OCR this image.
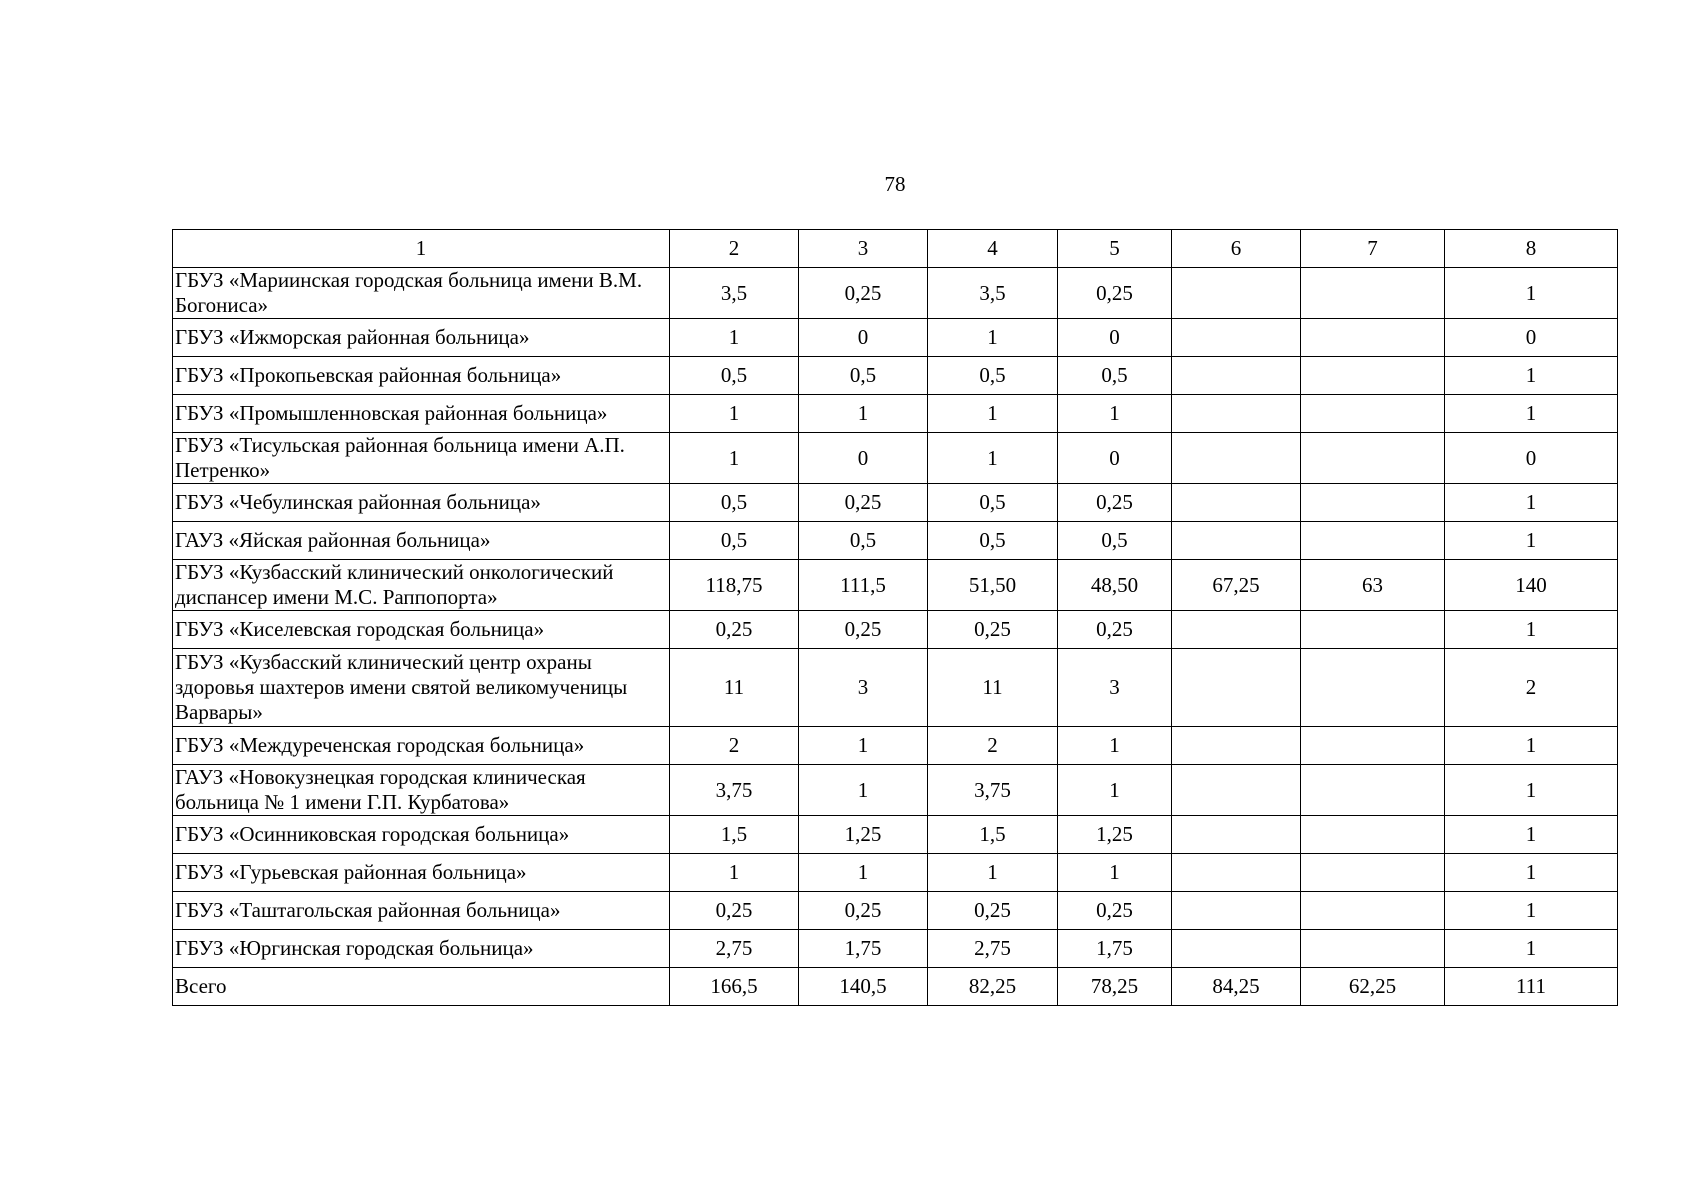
78
1	2	3	4	5	6	7	8
ГБУЗ «Мариинская городская больница имени В.М. Богониса»	3,5	0,25	3,5	0,25			1
ГБУЗ «Ижморская районная больница»	1	0	1	0			0
ГБУЗ «Прокопьевская районная больница»	0,5	0,5	0,5	0,5			1
ГБУЗ «Промышленновская районная больница»	1	1	1	1			1
ГБУЗ «Тисульская районная больница имени А.П. Петренко»	1	0	1	0			0
ГБУЗ «Чебулинская районная больница»	0,5	0,25	0,5	0,25			1
ГАУЗ «Яйская районная больница»	0,5	0,5	0,5	0,5			1
ГБУЗ «Кузбасский клинический онкологический диспансер имени М.С. Раппопорта»	118,75	111,5	51,50	48,50	67,25	63	140
ГБУЗ «Киселевская городская больница»	0,25	0,25	0,25	0,25			1
ГБУЗ «Кузбасский клинический центр охраны здоровья шахтеров имени святой великомученицы Варвары»	11	3	11	3			2
ГБУЗ «Междуреченская городская больница»	2	1	2	1			1
ГАУЗ «Новокузнецкая городская клиническая больница № 1 имени Г.П. Курбатова»	3,75	1	3,75	1			1
ГБУЗ «Осинниковская городская больница»	1,5	1,25	1,5	1,25			1
ГБУЗ «Гурьевская районная больница»	1	1	1	1			1
ГБУЗ «Таштагольская районная больница»	0,25	0,25	0,25	0,25			1
ГБУЗ «Юргинская городская больница»	2,75	1,75	2,75	1,75			1
Всего	166,5	140,5	82,25	78,25	84,25	62,25	111
